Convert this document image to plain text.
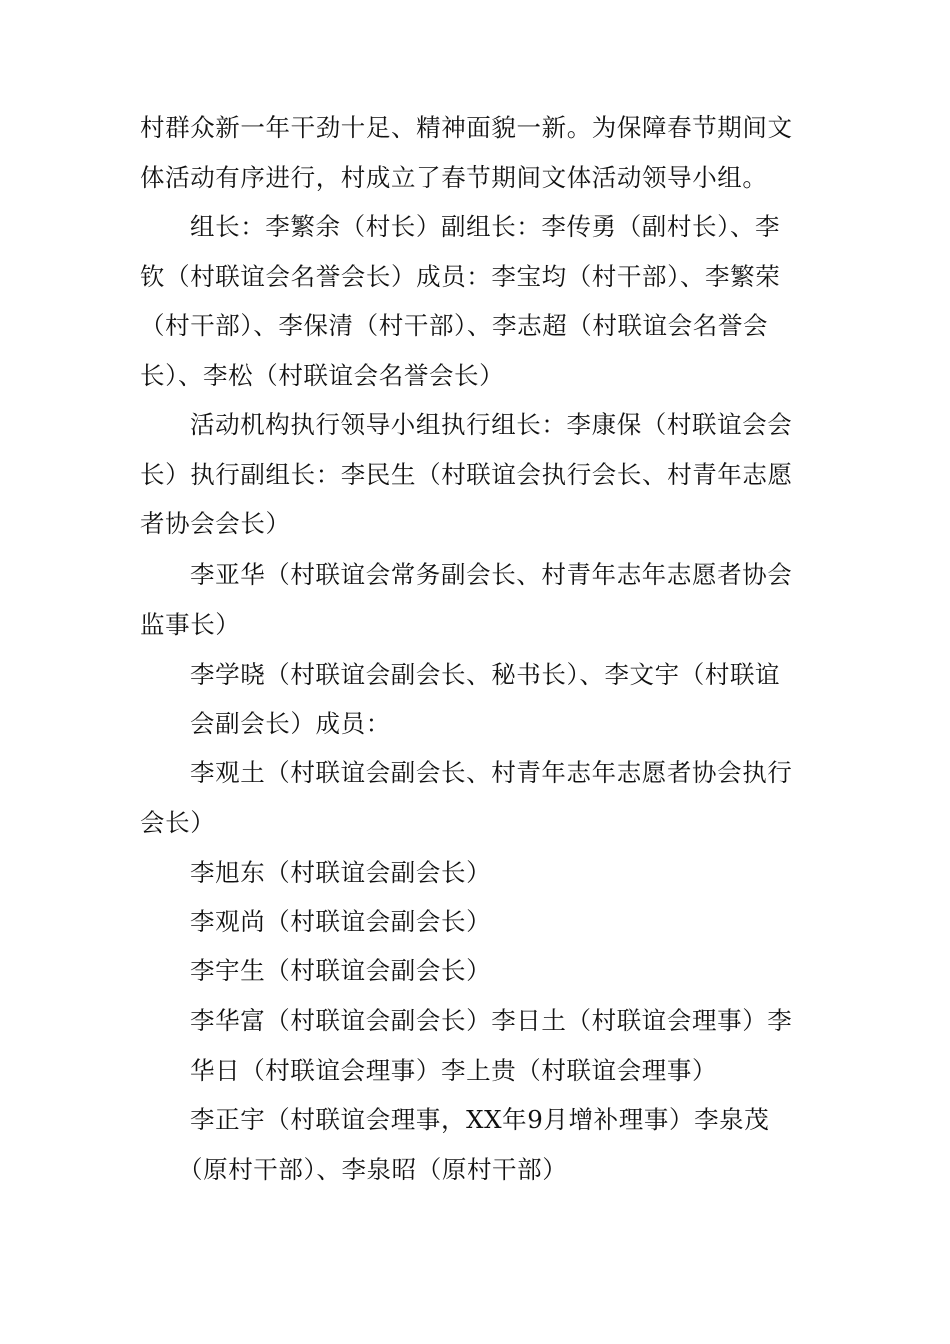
村群众新一年干劲十足、精神面貌一新。为保障春节期间文
体活动有序进行，村成立了春节期间文体活动领导小组。
组长：李繁余（村长）副组长：李传勇（副村长）、李
钦（村联谊会名誉会长）成员：李宝均（村干部）、李繁荣
（村干部）、李保清（村干部）、李志超（村联谊会名誉会
长）、李松（村联谊会名誉会长）
活动机构执行领导小组执行组长：李康保（村联谊会会
长）执行副组长：李民生（村联谊会执行会长、村青年志愿
者协会会长）
李亚华（村联谊会常务副会长、村青年志年志愿者协会
监事长）
李学晓（村联谊会副会长、秘书长）、李文宇（村联谊
会副会长）成员：
李观土（村联谊会副会长、村青年志年志愿者协会执行
会长）
李旭东（村联谊会副会长）
李观尚（村联谊会副会长）
李宇生（村联谊会副会长）
李华富（村联谊会副会长）李日土（村联谊会理事）李
华日（村联谊会理事）李上贵（村联谊会理事）
李正宇（村联谊会理事，XX年9月增补理事）李泉茂
（原村干部）、李泉昭（原村干部）
